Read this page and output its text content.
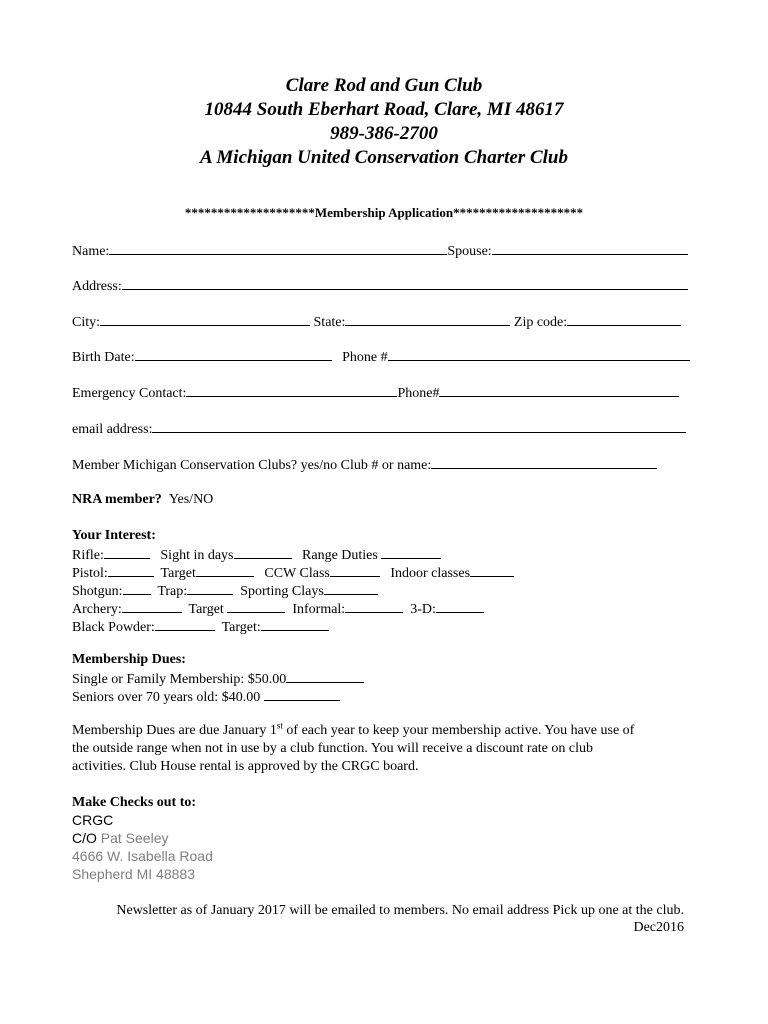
Clare Rod and Gun Club
10844 South Eberhart Road, Clare, MI 48617
989-386-2700
A Michigan United Conservation Charter Club
********************Membership Application********************
Name:	Spouse:
Address:
City:	State:	Zip code:
Birth Date:	Phone #
Emergency Contact:	Phone#
email address:
Member Michigan Conservation Clubs? yes/no Club # or name:
NRA member? Yes/NO
Your Interest:
Rifle:	Sight in days	Range Duties
Pistol:	Target	CCW Class	Indoor classes
Shotgun: Trap:	Sporting Clays
Archery:	Target	Informal:	3-D:
Black Powder:	Target:
Membership Dues:
Single or Family Membership: $50.00
Seniors over 70 years old: $40.00
Membership Dues are due January 1st of each year to keep your membership active. You have use of
the outside range when not in use by a club function. You will receive a discount rate on club
activities. Club House rental is approved by the CRGC board.
Make Checks out to:
CRGC
C/O Pat Seeley
4666 W. Isabella Road
Shepherd MI 48883
Newsletter as of January 2017 will be emailed to members. No email address Pick up one at the club.
Dec2016
